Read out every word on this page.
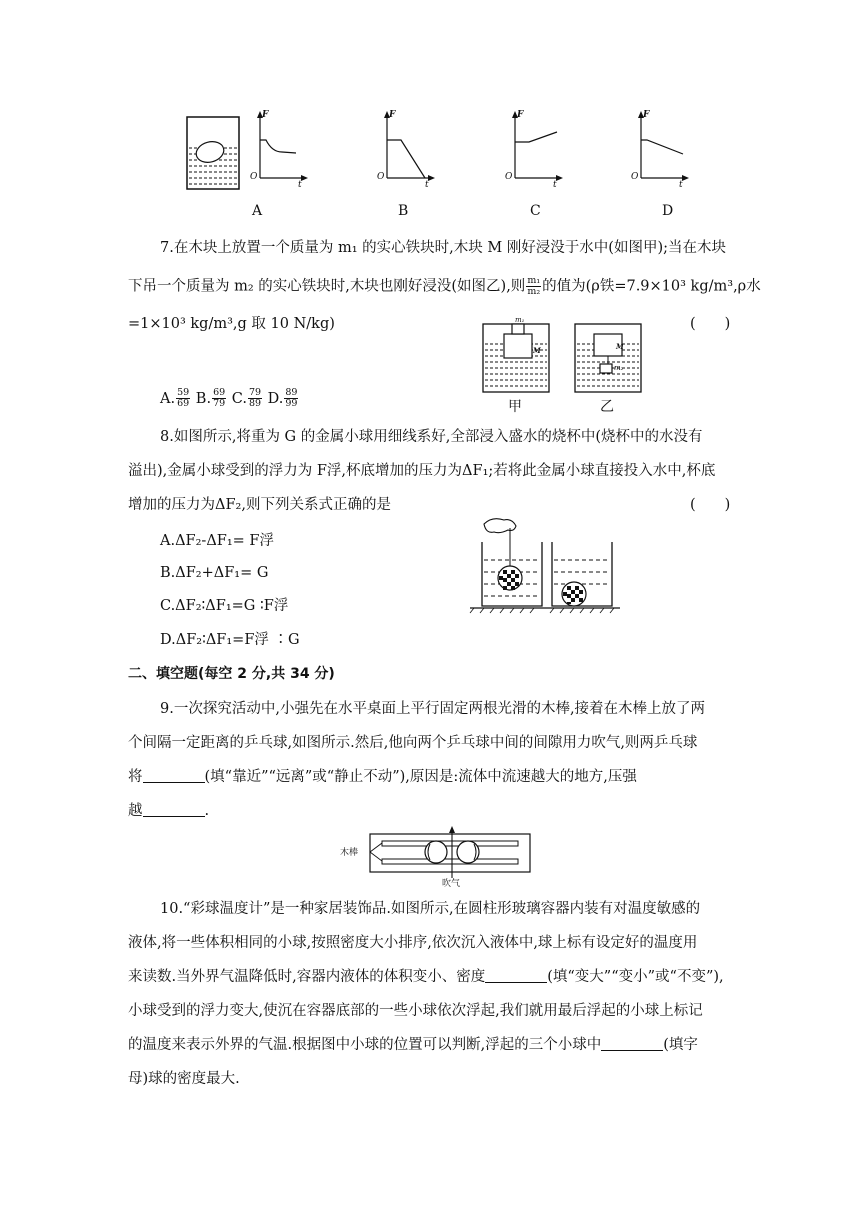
F
O
t
F
O
t
F
O
t
F
O
t
A	B	C	D
7.在木块上放置一个质量为 m₁ 的实心铁块时,木块 M 刚好浸没于水中(如图甲);当在木块
下吊一个质量为 m₂ 的实心铁块时,木块也刚好浸没(如图乙),则 $\frac{\text{m₁}}{\text{m₂}}$ 的值为(ρ铁=7.9×10³ kg/m³,ρ水
=1×10³ kg/m³,g 取 10 N/kg)	(　　)
m₁
M	M
m₂
甲	乙
A. $\frac{59}{69} B$. $\frac{69}{79} C$. $\frac{79}{89} D$. $\frac{89}{99}$
8.如图所示,将重为 G 的金属小球用细线系好,全部浸入盛水的烧杯中(烧杯中的水没有
溢出),金属小球受到的浮力为 F浮,杯底增加的压力为ΔF₁;若将此金属小球直接投入水中,杯底
增加的压力为ΔF₂,则下列关系式正确的是	(　　)
A.ΔF₂-ΔF₁= F浮
B.ΔF₂+ΔF₁= G
C.ΔF₂∶ΔF₁=G ∶F浮
D.ΔF₂∶ΔF₁=F浮 ∶G
二、填空题(每空 2 分,共 34 分)
9.一次探究活动中,小强先在水平桌面上平行固定两根光滑的木棒,接着在木棒上放了两
个间隔一定距离的乒乓球,如图所示.然后,他向两个乒乓球中间的间隙用力吹气,则两乒乓球
将	(填“靠近”“远离”或“静止不动”),原因是:流体中流速越大的地方,压强
越	.
木棒
吹气
10.“彩球温度计”是一种家居装饰品.如图所示,在圆柱形玻璃容器内装有对温度敏感的
液体,将一些体积相同的小球,按照密度大小排序,依次沉入液体中,球上标有设定好的温度用
来读数.当外界气温降低时,容器内液体的体积变小、密度	(填“变大”“变小”或“不变”),
小球受到的浮力变大,使沉在容器底部的一些小球依次浮起,我们就用最后浮起的小球上标记
的温度来表示外界的气温.根据图中小球的位置可以判断,浮起的三个小球中	(填字
母)球的密度最大.
